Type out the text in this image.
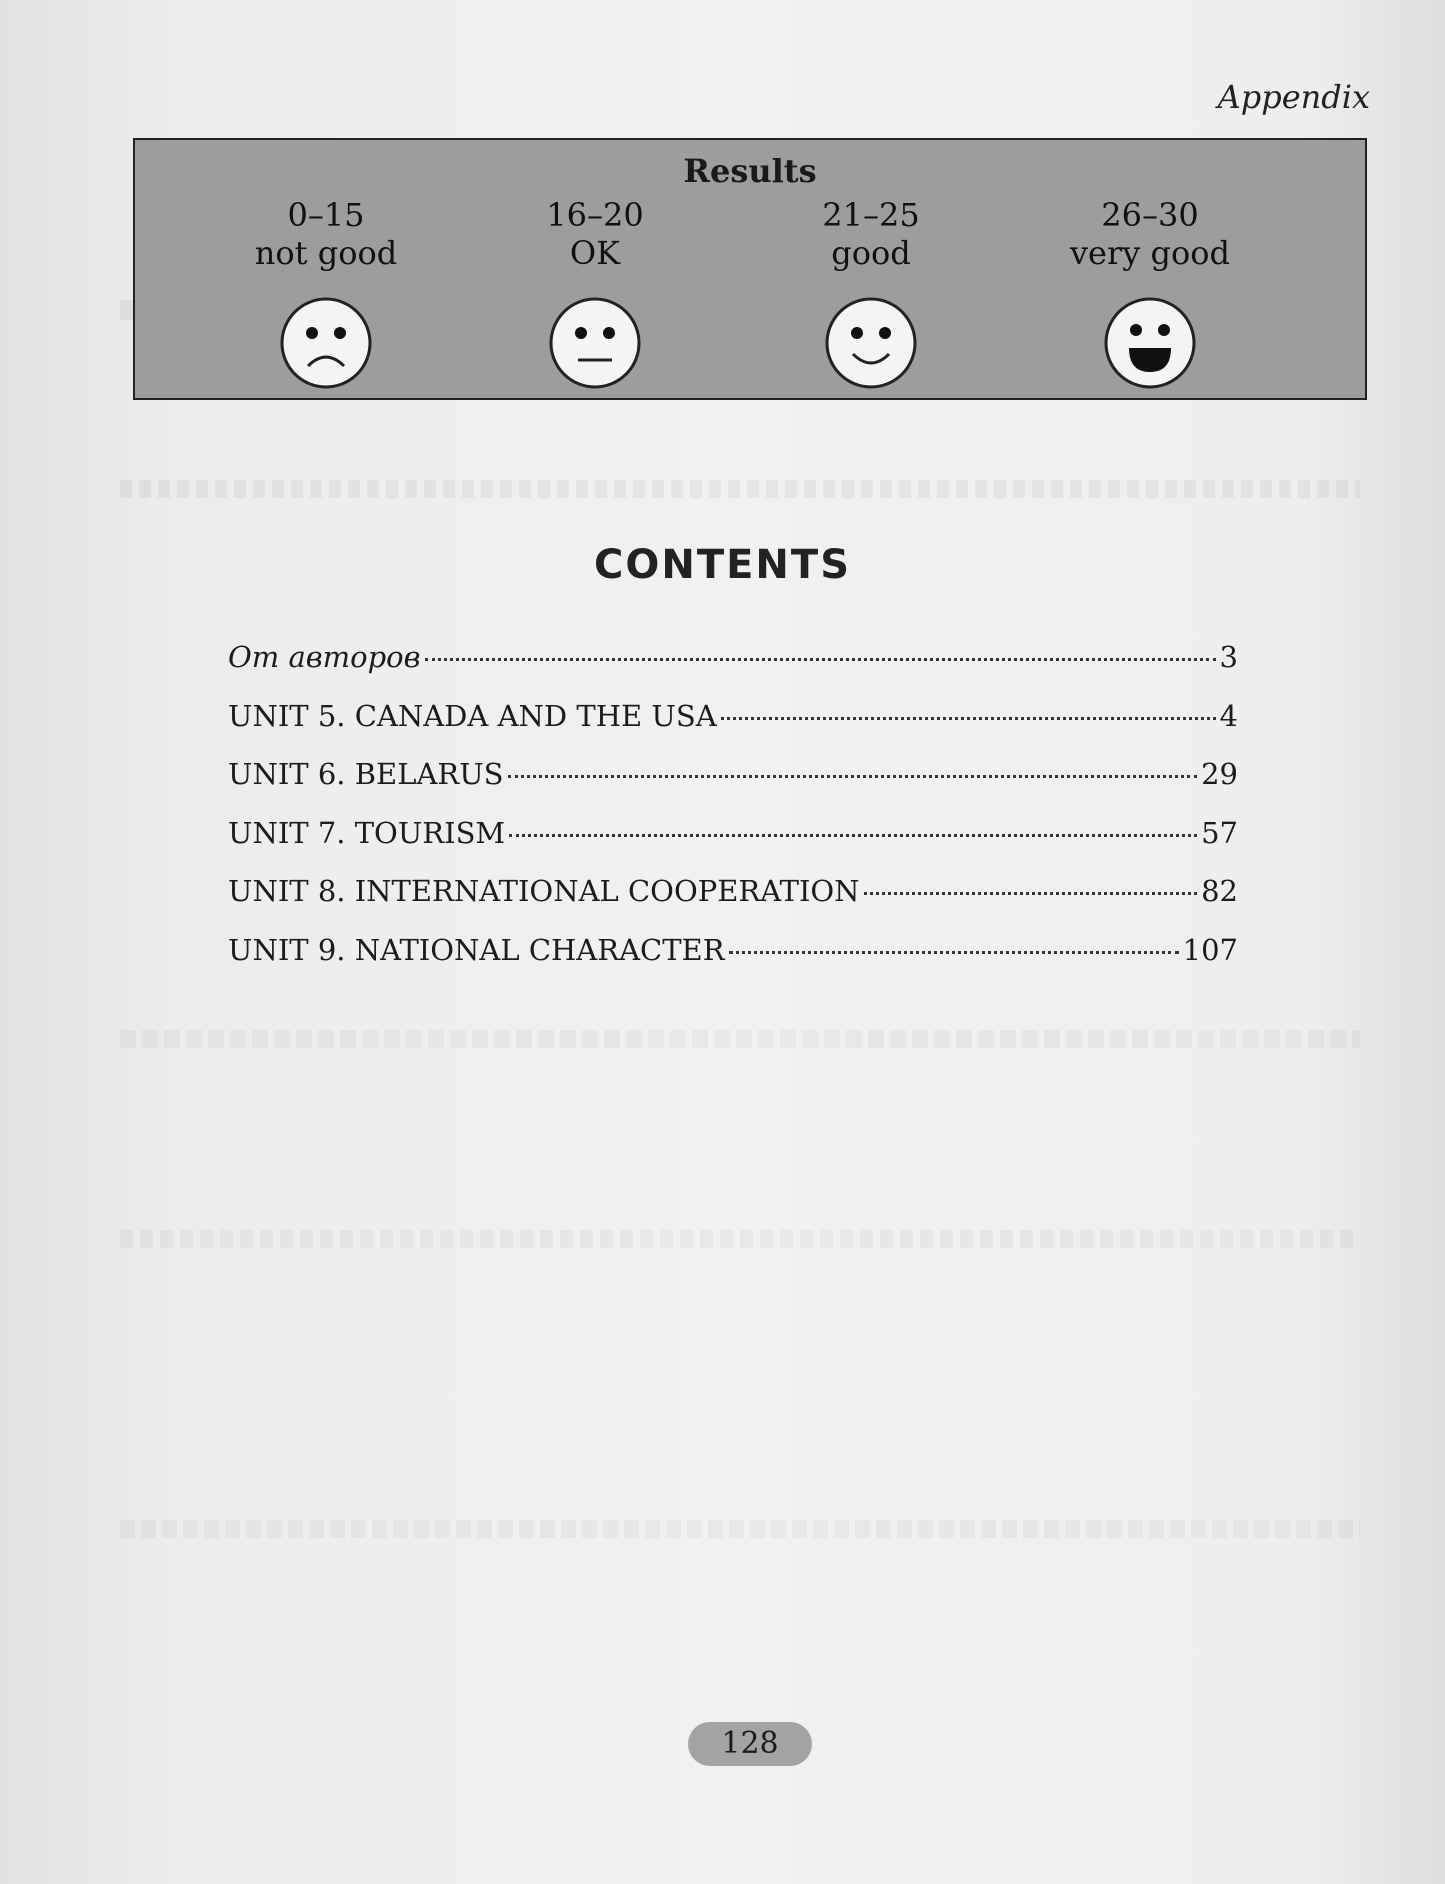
Appendix
Results
0–15
not good
16–20
OK
21–25
good
26–30
very good
CONTENTS
От авторов	3
UNIT 5. CANADA AND THE USA	4
UNIT 6. BELARUS	29
UNIT 7. TOURISM	57
UNIT 8. INTERNATIONAL COOPERATION	82
UNIT 9. NATIONAL CHARACTER	107
128
